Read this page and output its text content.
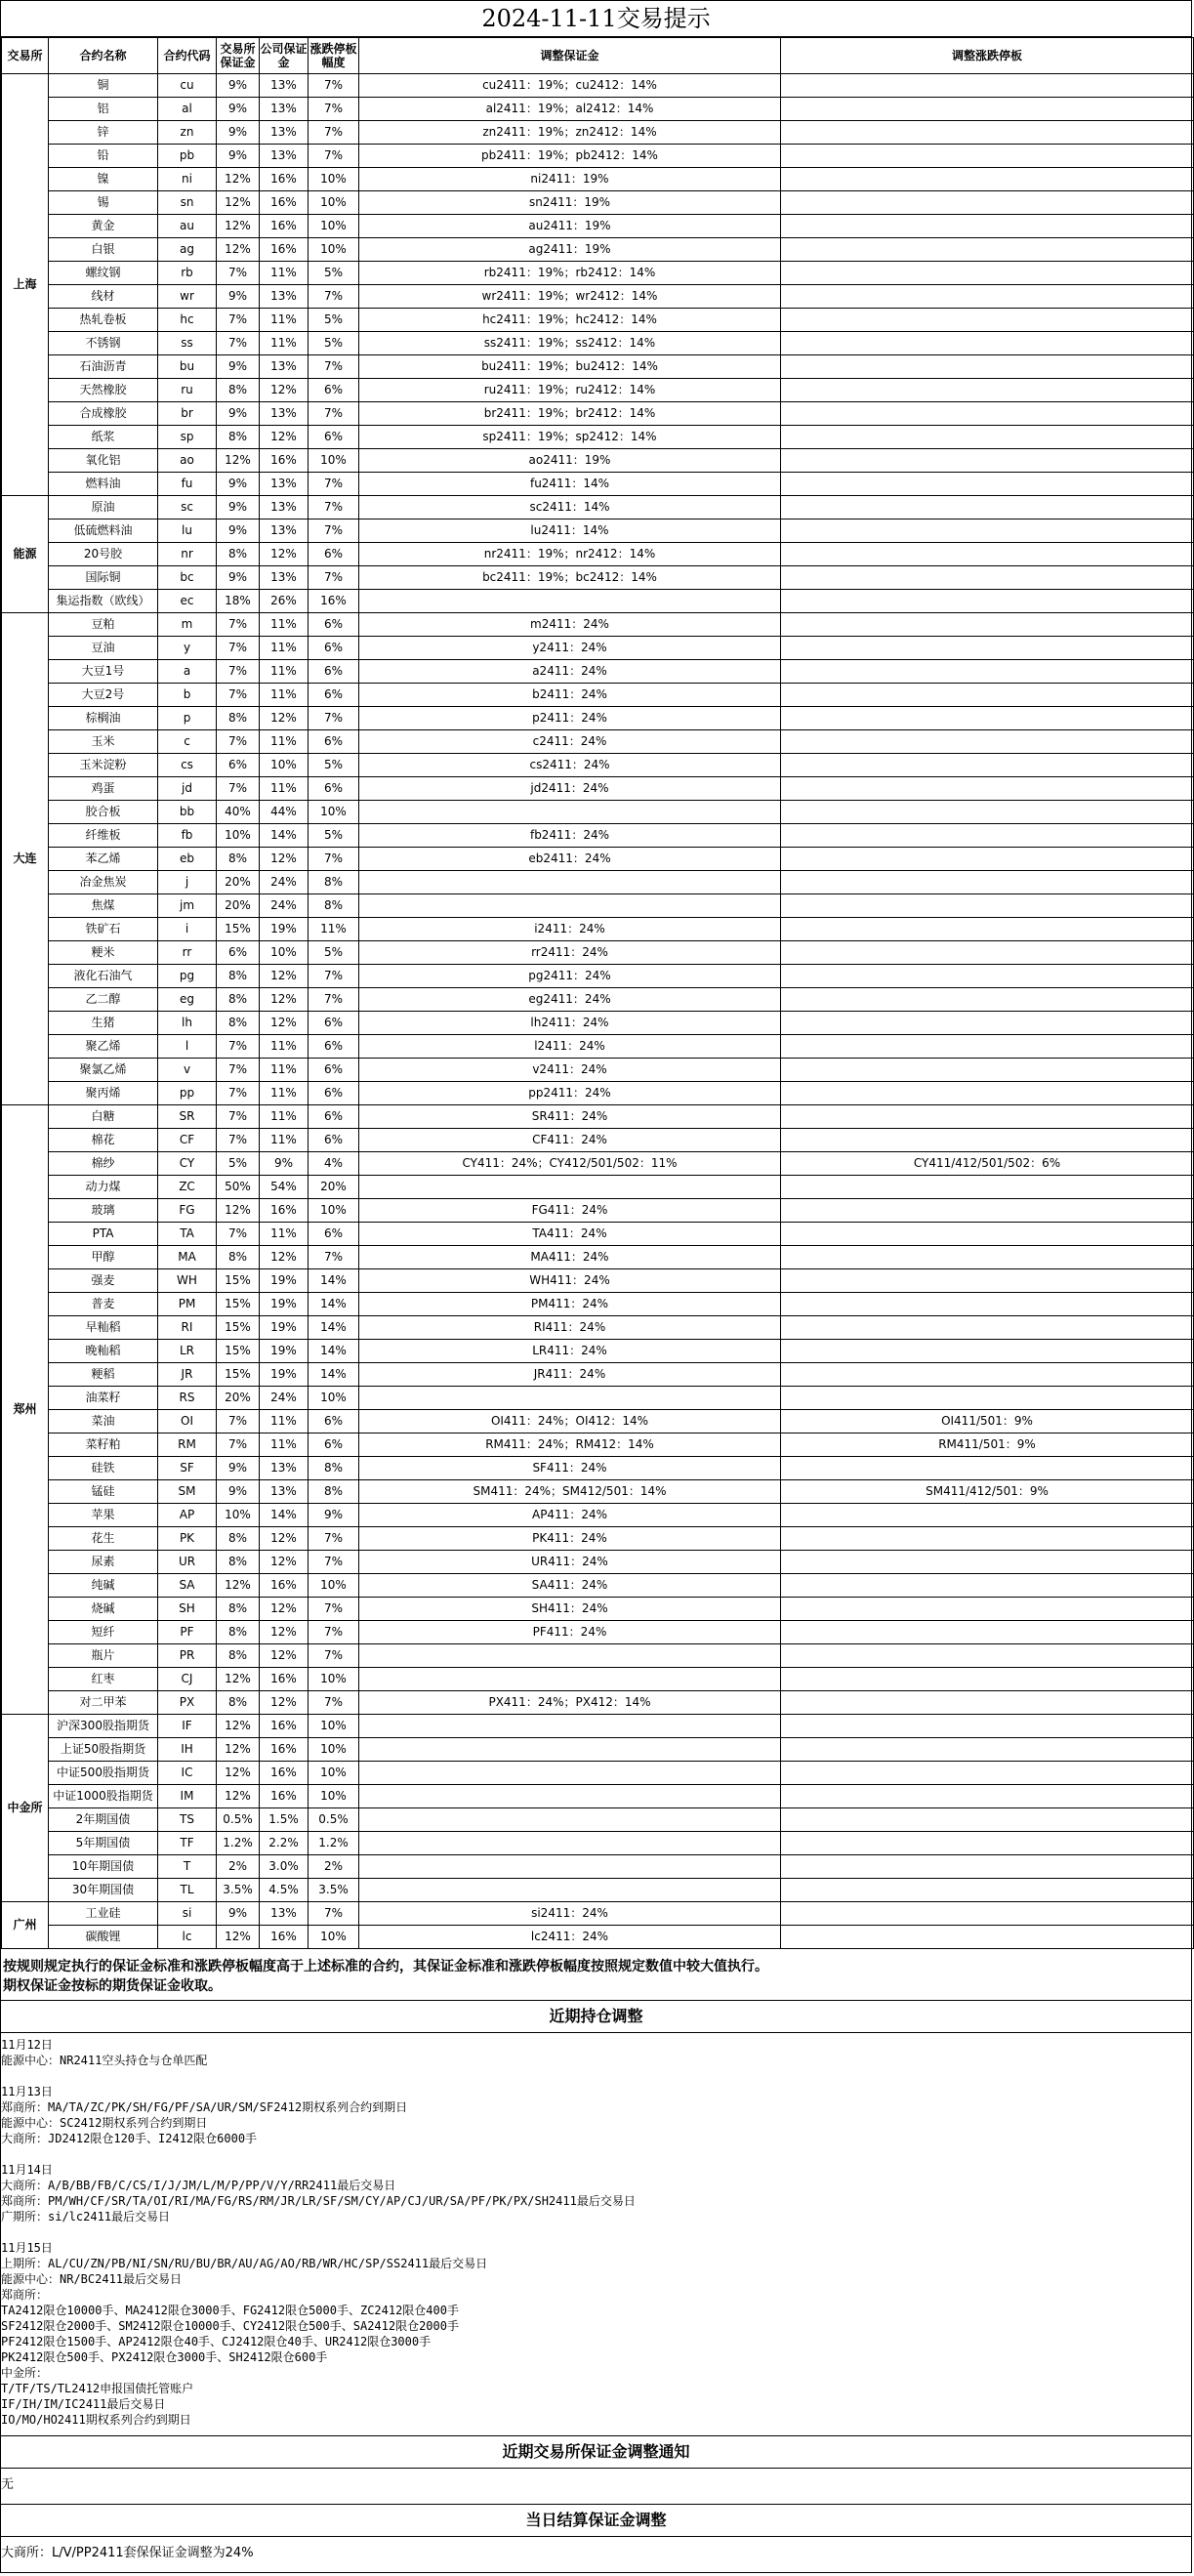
2024-11-11交易提示
交易所	合约名称	合约代码	交易所保证金	公司保证金	涨跌停板幅度	调整保证金	调整涨跌停板
上海	铜	cu	9%	13%	7%	cu2411：19%；cu2412：14%	
	铝	al	9%	13%	7%	al2411：19%；al2412：14%	
	锌	zn	9%	13%	7%	zn2411：19%；zn2412：14%	
	铅	pb	9%	13%	7%	pb2411：19%；pb2412：14%	
	镍	ni	12%	16%	10%	ni2411：19%	
	锡	sn	12%	16%	10%	sn2411：19%	
	黄金	au	12%	16%	10%	au2411：19%	
	白银	ag	12%	16%	10%	ag2411：19%	
	螺纹钢	rb	7%	11%	5%	rb2411：19%；rb2412：14%	
	线材	wr	9%	13%	7%	wr2411：19%；wr2412：14%	
	热轧卷板	hc	7%	11%	5%	hc2411：19%；hc2412：14%	
	不锈钢	ss	7%	11%	5%	ss2411：19%；ss2412：14%	
	石油沥青	bu	9%	13%	7%	bu2411：19%；bu2412：14%	
	天然橡胶	ru	8%	12%	6%	ru2411：19%；ru2412：14%	
	合成橡胶	br	9%	13%	7%	br2411：19%；br2412：14%	
	纸浆	sp	8%	12%	6%	sp2411：19%；sp2412：14%	
	氧化铝	ao	12%	16%	10%	ao2411：19%	
	燃料油	fu	9%	13%	7%	fu2411：14%	
能源	原油	sc	9%	13%	7%	sc2411：14%	
	低硫燃料油	lu	9%	13%	7%	lu2411：14%	
	20号胶	nr	8%	12%	6%	nr2411：19%；nr2412：14%	
	国际铜	bc	9%	13%	7%	bc2411：19%；bc2412：14%	
	集运指数（欧线）	ec	18%	26%	16%		
大连	豆粕	m	7%	11%	6%	m2411：24%	
	豆油	y	7%	11%	6%	y2411：24%	
	大豆1号	a	7%	11%	6%	a2411：24%	
	大豆2号	b	7%	11%	6%	b2411：24%	
	棕榈油	p	8%	12%	7%	p2411：24%	
	玉米	c	7%	11%	6%	c2411：24%	
	玉米淀粉	cs	6%	10%	5%	cs2411：24%	
	鸡蛋	jd	7%	11%	6%	jd2411：24%	
	胶合板	bb	40%	44%	10%		
	纤维板	fb	10%	14%	5%	fb2411：24%	
	苯乙烯	eb	8%	12%	7%	eb2411：24%	
	冶金焦炭	j	20%	24%	8%		
	焦煤	jm	20%	24%	8%		
	铁矿石	i	15%	19%	11%	i2411：24%	
	粳米	rr	6%	10%	5%	rr2411：24%	
	液化石油气	pg	8%	12%	7%	pg2411：24%	
	乙二醇	eg	8%	12%	7%	eg2411：24%	
	生猪	lh	8%	12%	6%	lh2411：24%	
	聚乙烯	l	7%	11%	6%	l2411：24%	
	聚氯乙烯	v	7%	11%	6%	v2411：24%	
	聚丙烯	pp	7%	11%	6%	pp2411：24%	
郑州	白糖	SR	7%	11%	6%	SR411：24%	
	棉花	CF	7%	11%	6%	CF411：24%	
	棉纱	CY	5%	9%	4%	CY411：24%；CY412/501/502：11%	CY411/412/501/502：6%
	动力煤	ZC	50%	54%	20%		
	玻璃	FG	12%	16%	10%	FG411：24%	
	PTA	TA	7%	11%	6%	TA411：24%	
	甲醇	MA	8%	12%	7%	MA411：24%	
	强麦	WH	15%	19%	14%	WH411：24%	
	普麦	PM	15%	19%	14%	PM411：24%	
	早籼稻	RI	15%	19%	14%	RI411：24%	
	晚籼稻	LR	15%	19%	14%	LR411：24%	
	粳稻	JR	15%	19%	14%	JR411：24%	
	油菜籽	RS	20%	24%	10%		
	菜油	OI	7%	11%	6%	OI411：24%；OI412：14%	OI411/501：9%
	菜籽粕	RM	7%	11%	6%	RM411：24%；RM412：14%	RM411/501：9%
	硅铁	SF	9%	13%	8%	SF411：24%	
	锰硅	SM	9%	13%	8%	SM411：24%；SM412/501：14%	SM411/412/501：9%
	苹果	AP	10%	14%	9%	AP411：24%	
	花生	PK	8%	12%	7%	PK411：24%	
	尿素	UR	8%	12%	7%	UR411：24%	
	纯碱	SA	12%	16%	10%	SA411：24%	
	烧碱	SH	8%	12%	7%	SH411：24%	
	短纤	PF	8%	12%	7%	PF411：24%	
	瓶片	PR	8%	12%	7%		
	红枣	CJ	12%	16%	10%		
	对二甲苯	PX	8%	12%	7%	PX411：24%；PX412：14%	
中金所	沪深300股指期货	IF	12%	16%	10%		
	上证50股指期货	IH	12%	16%	10%		
	中证500股指期货	IC	12%	16%	10%		
	中证1000股指期货	IM	12%	16%	10%		
	2年期国债	TS	0.5%	1.5%	0.5%		
	5年期国债	TF	1.2%	2.2%	1.2%		
	10年期国债	T	2%	3.0%	2%		
	30年期国债	TL	3.5%	4.5%	3.5%		
广州	工业硅	si	9%	13%	7%	si2411：24%	
	碳酸锂	lc	12%	16%	10%	lc2411：24%	
按规则规定执行的保证金标准和涨跌停板幅度高于上述标准的合约，其保证金标准和涨跌停板幅度按照规定数值中较大值执行。
期权保证金按标的期货保证金收取。
近期持仓调整
11月12日
能源中心：NR2411空头持仓与仓单匹配
11月13日
郑商所：MA/TA/ZC/PK/SH/FG/PF/SA/UR/SM/SF2412期权系列合约到期日
能源中心：SC2412期权系列合约到期日
大商所：JD2412限仓120手、I2412限仓6000手
11月14日
大商所：A/B/BB/FB/C/CS/I/J/JM/L/M/P/PP/V/Y/RR2411最后交易日
郑商所：PM/WH/CF/SR/TA/OI/RI/MA/FG/RS/RM/JR/LR/SF/SM/CY/AP/CJ/UR/SA/PF/PK/PX/SH2411最后交易日
广期所：si/lc2411最后交易日
11月15日
上期所：AL/CU/ZN/PB/NI/SN/RU/BU/BR/AU/AG/AO/RB/WR/HC/SP/SS2411最后交易日
能源中心：NR/BC2411最后交易日
郑商所：
TA2412限仓10000手、MA2412限仓3000手、FG2412限仓5000手、ZC2412限仓400手
SF2412限仓2000手、SM2412限仓10000手、CY2412限仓500手、SA2412限仓2000手
PF2412限仓1500手、AP2412限仓40手、CJ2412限仓40手、UR2412限仓3000手
PK2412限仓500手、PX2412限仓3000手、SH2412限仓600手
中金所：
T/TF/TS/TL2412申报国债托管账户
IF/IH/IM/IC2411最后交易日
IO/MO/HO2411期权系列合约到期日
近期交易所保证金调整通知
无
当日结算保证金调整
大商所：L/V/PP2411套保保证金调整为24%
